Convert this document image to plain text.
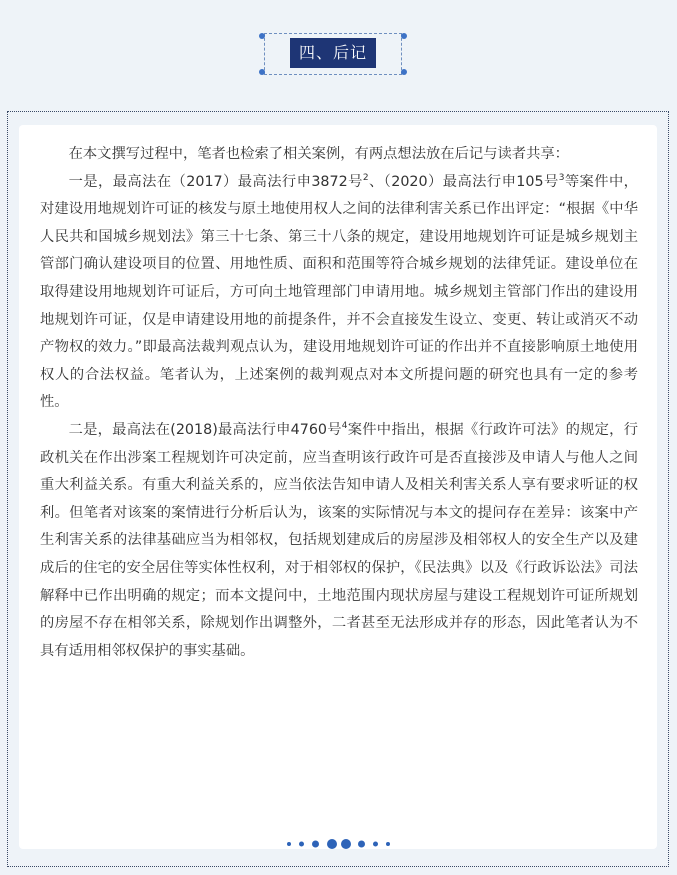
四、后记

在本文撰写过程中，笔者也检索了相关案例，有两点想法放在后记与读者共享：

一是，最高法在（2017）最高法行申3872号$^2$、（2020）最高法行申105号$^3$等案件中，对建设用地规划许可证的核发与原土地使用权人之间的法律利害关系已作出评定：“根据《中华人民共和国城乡规划法》第三十七条、第三十八条的规定，建设用地规划许可证是城乡规划主管部门确认建设项目的位置、用地性质、面积和范围等符合城乡规划的法律凭证。建设单位在取得建设用地规划许可证后，方可向土地管理部门申请用地。城乡规划主管部门作出的建设用地规划许可证，仅是申请建设用地的前提条件，并不会直接发生设立、变更、转让或消灭不动产物权的效力。”即最高法裁判观点认为，建设用地规划许可证的作出并不直接影响原土地使用权人的合法权益。笔者认为，上述案例的裁判观点对本文所提问题的研究也具有一定的参考性。

二是，最高法在(2018)最高法行申4760号$^4$案件中指出，根据《行政许可法》的规定，行政机关在作出涉案工程规划许可决定前，应当查明该行政许可是否直接涉及申请人与他人之间重大利益关系。有重大利益关系的，应当依法告知申请人及相关利害关系人享有要求听证的权利。但笔者对该案的案情进行分析后认为，该案的实际情况与本文的提问存在差异：该案中产生利害关系的法律基础应当为相邻权，包括规划建成后的房屋涉及相邻权人的安全生产以及建成后的住宅的安全居住等实体性权利，对于相邻权的保护，《民法典》以及《行政诉讼法》司法解释中已作出明确的规定；而本文提问中，土地范围内现状房屋与建设工程规划许可证所规划的房屋不存在相邻关系，除规划作出调整外，二者甚至无法形成并存的形态，因此笔者认为不具有适用相邻权保护的事实基础。
